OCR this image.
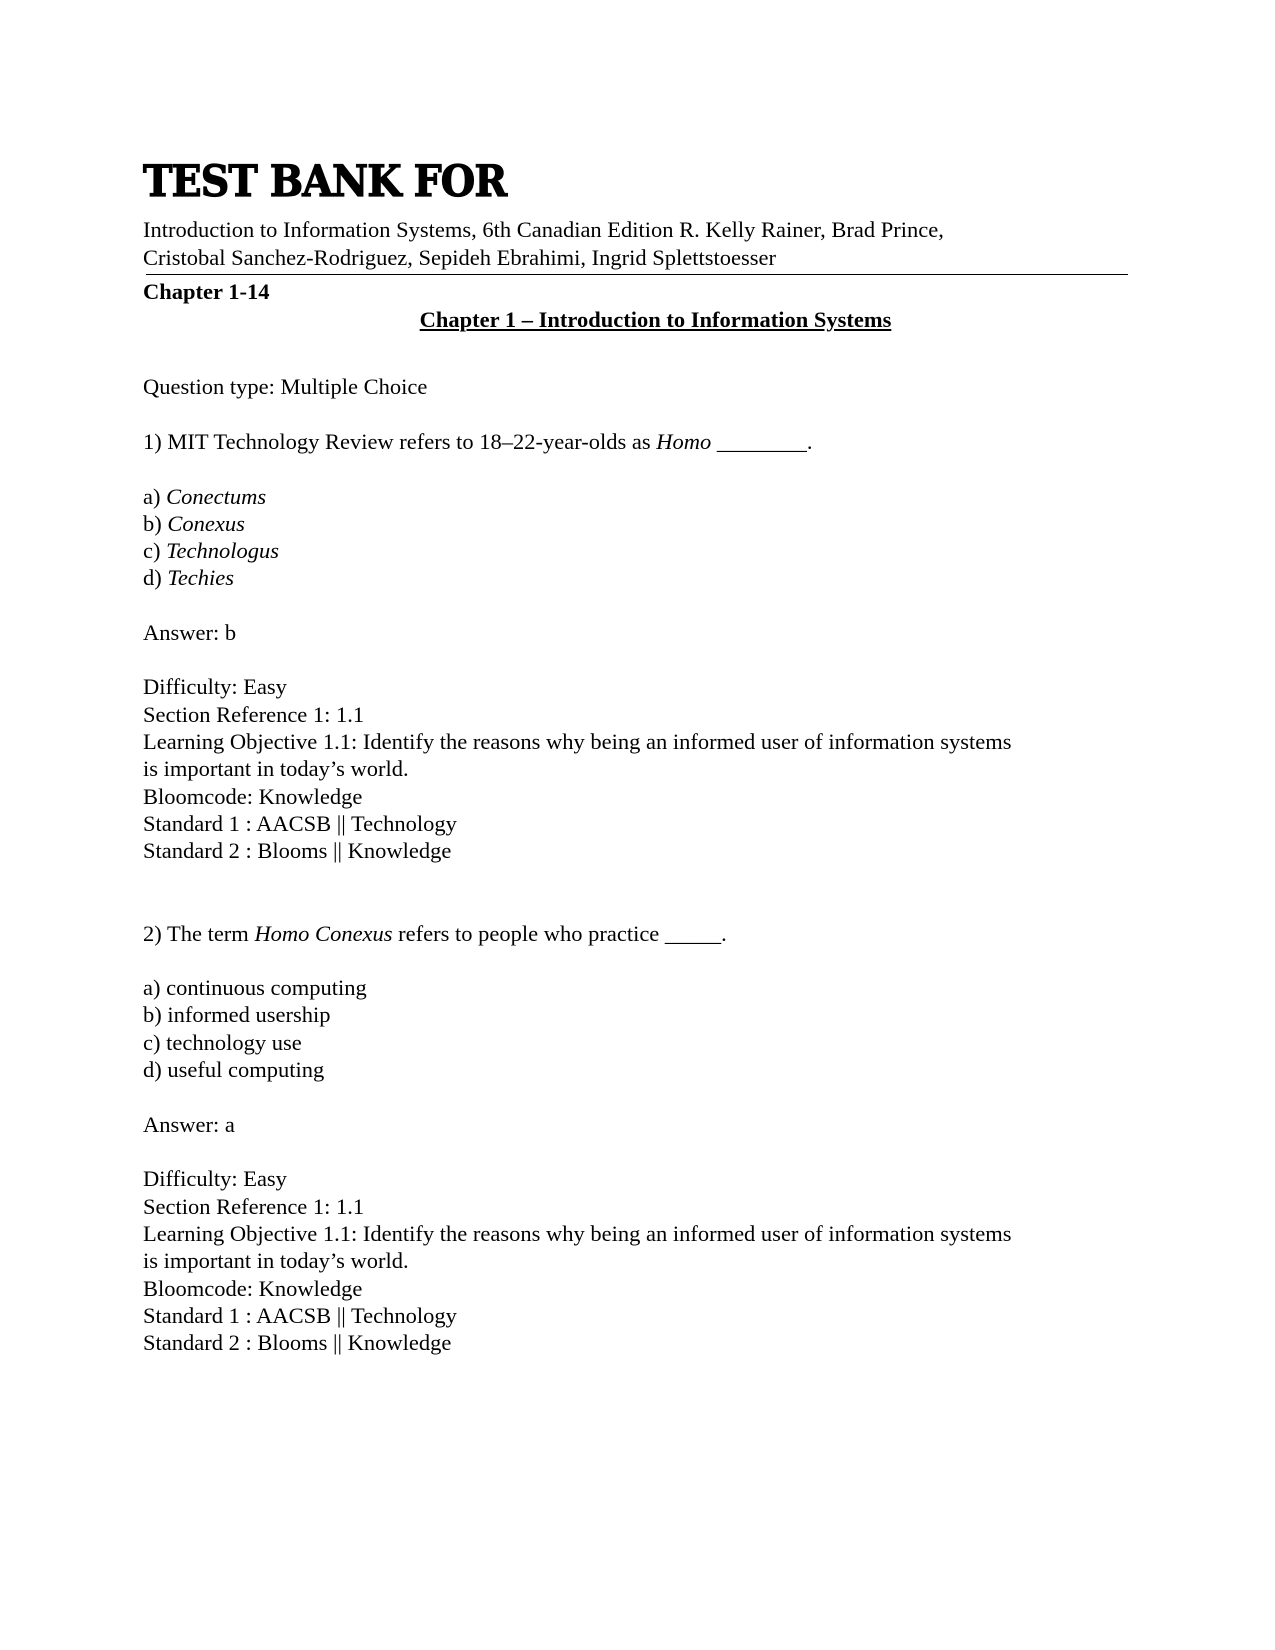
TEST BANK FOR
Introduction to Information Systems, 6th Canadian Edition R. Kelly Rainer, Brad Prince,
Cristobal Sanchez-Rodriguez, Sepideh Ebrahimi, Ingrid Splettstoesser
Chapter 1-14
Chapter 1 – Introduction to Information Systems
Question type: Multiple Choice
1) MIT Technology Review refers to 18–22-year-olds as Homo ________.
a) Conectums
b) Conexus
c) Technologus
d) Techies
Answer: b
Difficulty: Easy
Section Reference 1: 1.1
Learning Objective 1.1: Identify the reasons why being an informed user of information systems
is important in today’s world.
Bloomcode: Knowledge
Standard 1 : AACSB || Technology
Standard 2 : Blooms || Knowledge
2) The term Homo Conexus refers to people who practice _____.
a) continuous computing
b) informed usership
c) technology use
d) useful computing
Answer: a
Difficulty: Easy
Section Reference 1: 1.1
Learning Objective 1.1: Identify the reasons why being an informed user of information systems
is important in today’s world.
Bloomcode: Knowledge
Standard 1 : AACSB || Technology
Standard 2 : Blooms || Knowledge
